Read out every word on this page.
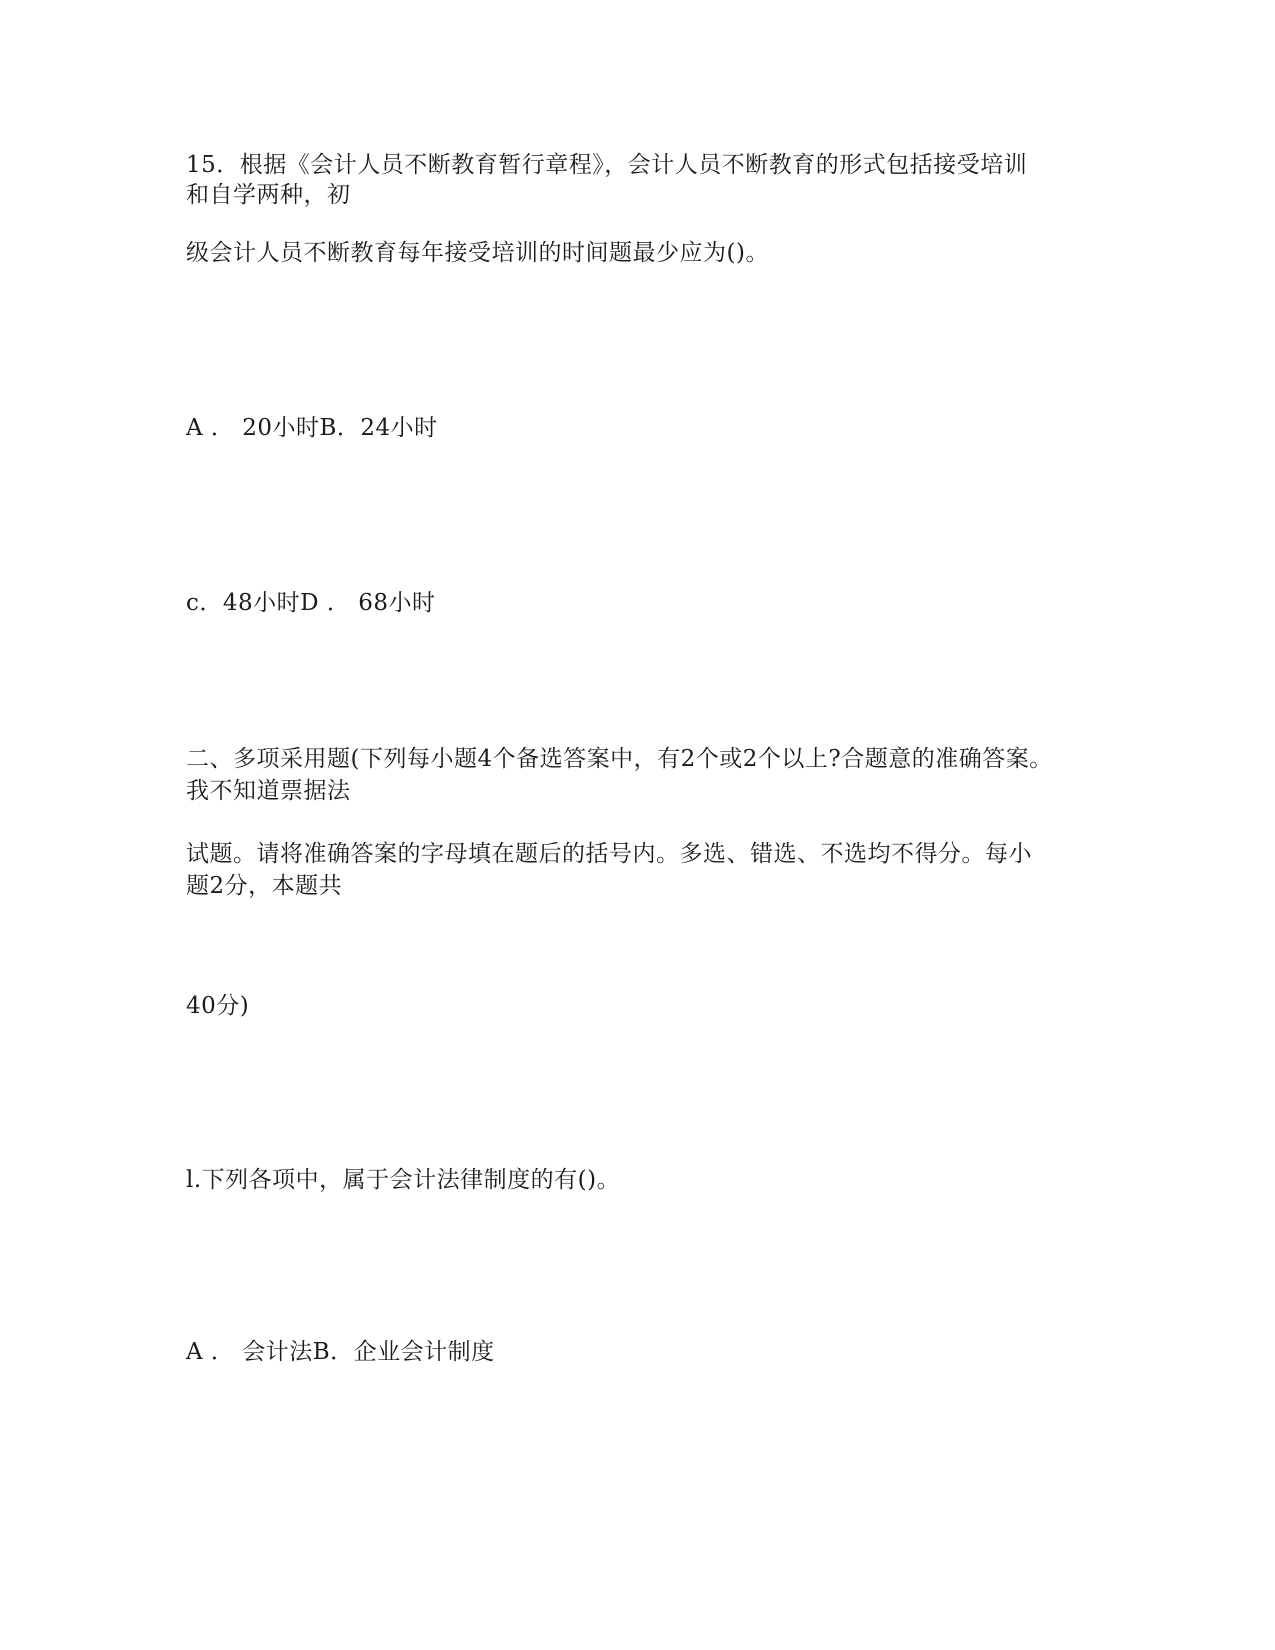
15．根据《会计人员不断教育暂行章程》，会计人员不断教育的形式包括接受培训
和自学两种，初
级会计人员不断教育每年接受培训的时间题最少应为()。
A ． 20小时B．24小时
c．48小时D ． 68小时
二、多项采用题(下列每小题4个备选答案中，有2个或2个以上?合题意的准确答案。
我不知道票据法
试题。请将准确答案的字母填在题后的括号内。多选、错选、不选均不得分。每小
题2分，本题共
40分)
l.下列各项中，属于会计法律制度的有()。
A ． 会计法B．企业会计制度
